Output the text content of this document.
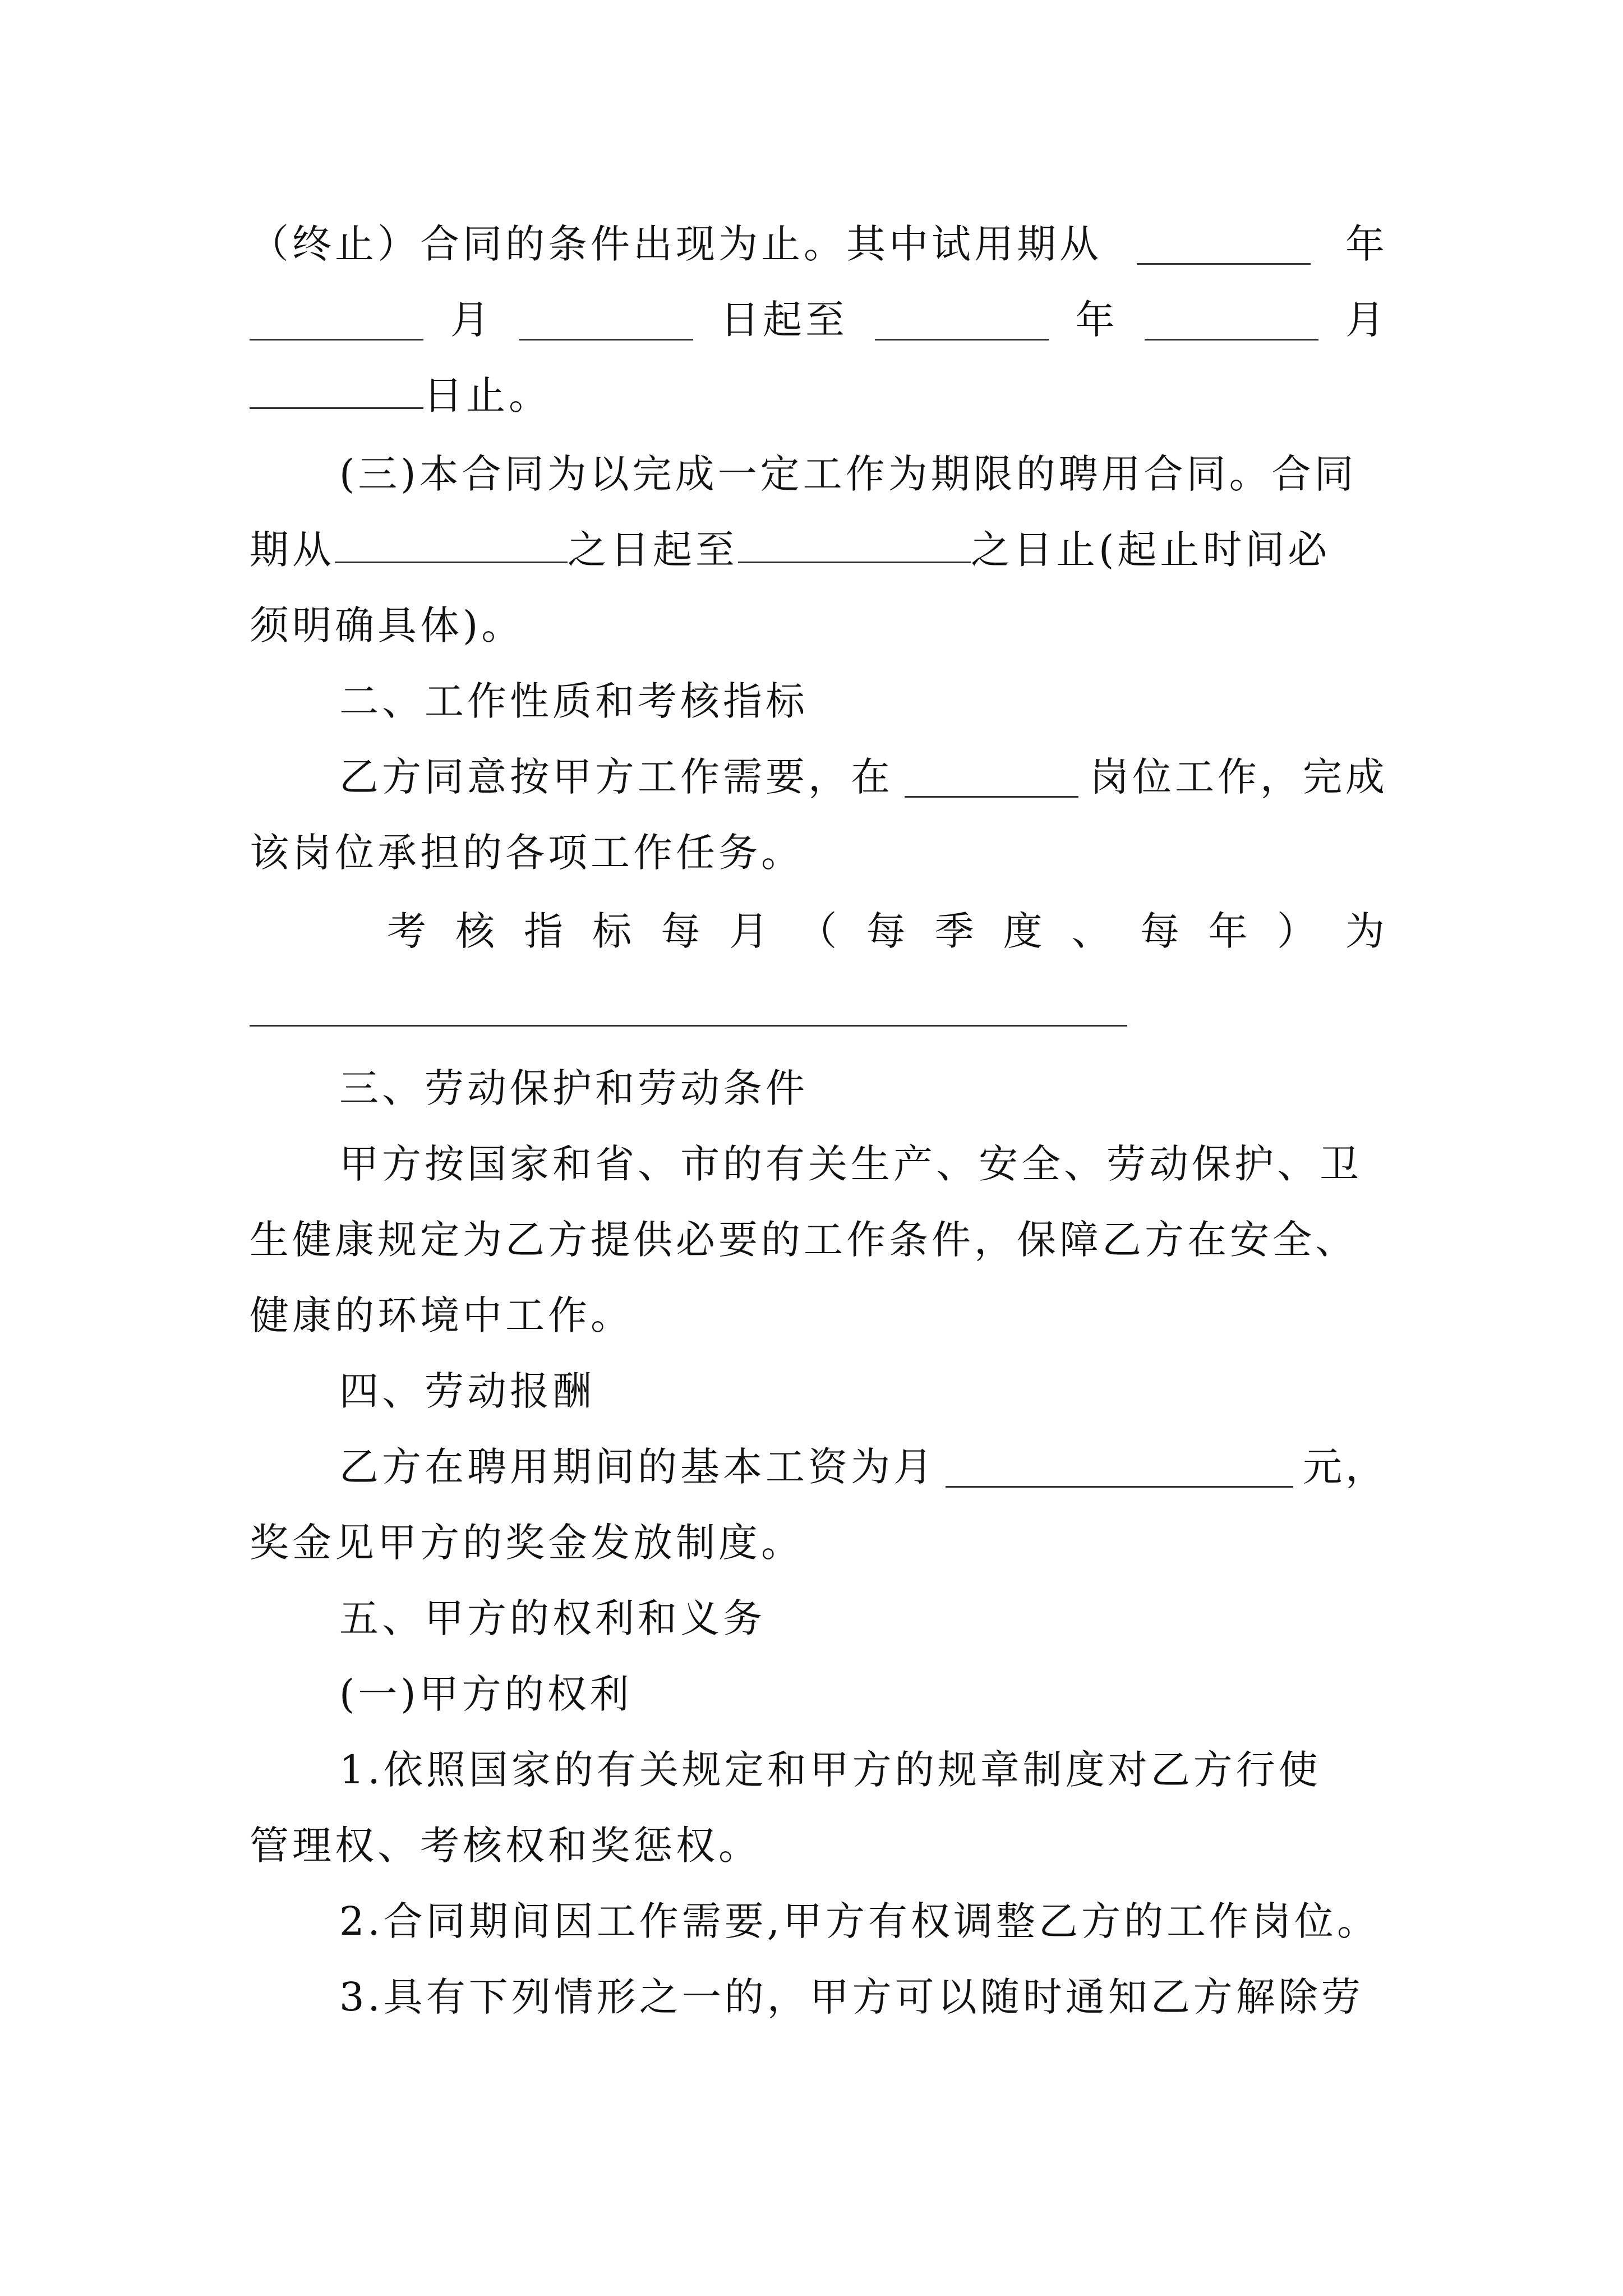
（终止）合同的条件出现为止。其中试用期从	年
月	日起至	年	月
日止。
(三)本合同为以完成一定工作为期限的聘用合同。合同
期从	之日起至	之日止(起止时间必
须明确具体)。
二、工作性质和考核指标
乙方同意按甲方工作需要，在	岗位工作，完成
该岗位承担的各项工作任务。
考 核 指 标 每 月 （ 每 季 度 、 每 年 ） 为
三、劳动保护和劳动条件
甲方按国家和省、市的有关生产、安全、劳动保护、卫
生健康规定为乙方提供必要的工作条件，保障乙方在安全、
健康的环境中工作。
四、劳动报酬
乙方在聘用期间的基本工资为月	元，
奖金见甲方的奖金发放制度。
五、甲方的权利和义务
(一)甲方的权利
1.依照国家的有关规定和甲方的规章制度对乙方行使
管理权、考核权和奖惩权。
2.合同期间因工作需要,甲方有权调整乙方的工作岗位。
3.具有下列情形之一的，甲方可以随时通知乙方解除劳
